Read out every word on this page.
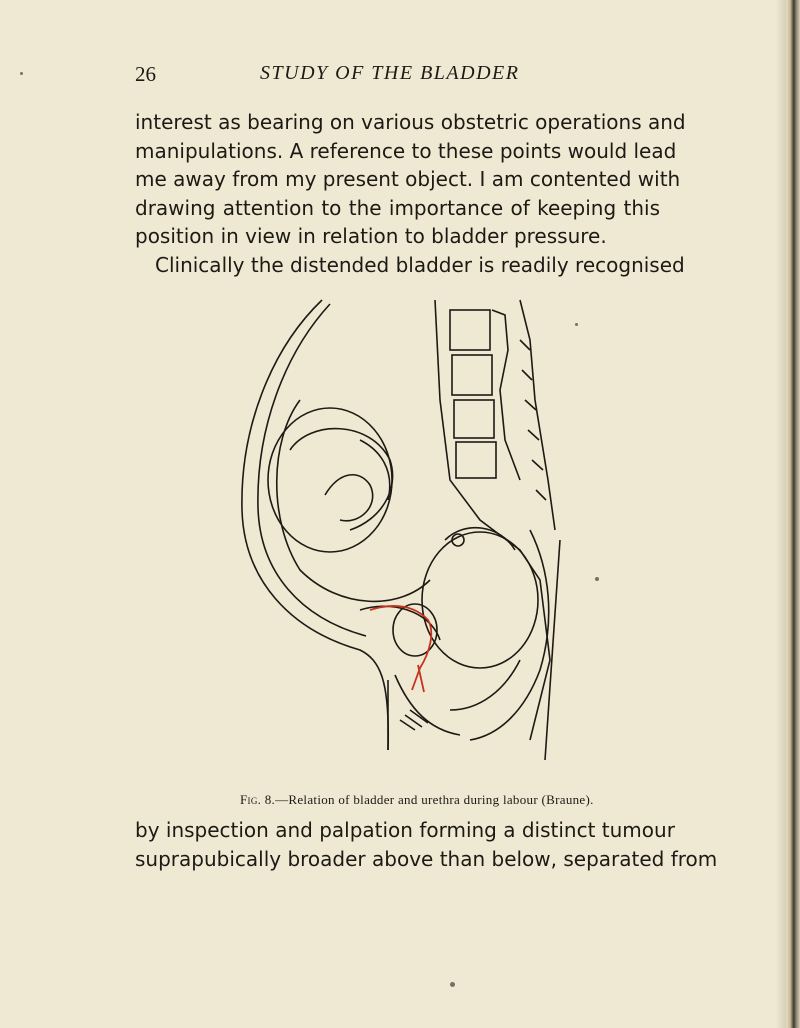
26	STUDY OF THE BLADDER
interest as bearing on various obstetric operations and
manipulations. A reference to these points would lead
me away from my present object. I am contented with
drawing attention to the importance of keeping this
position in view in relation to bladder pressure.
Clinically the distended bladder is readily recognised
Fig. 8.—Relation of bladder and urethra during labour (Braune).
by inspection and palpation forming a distinct tumour
suprapubically broader above than below, separated from
